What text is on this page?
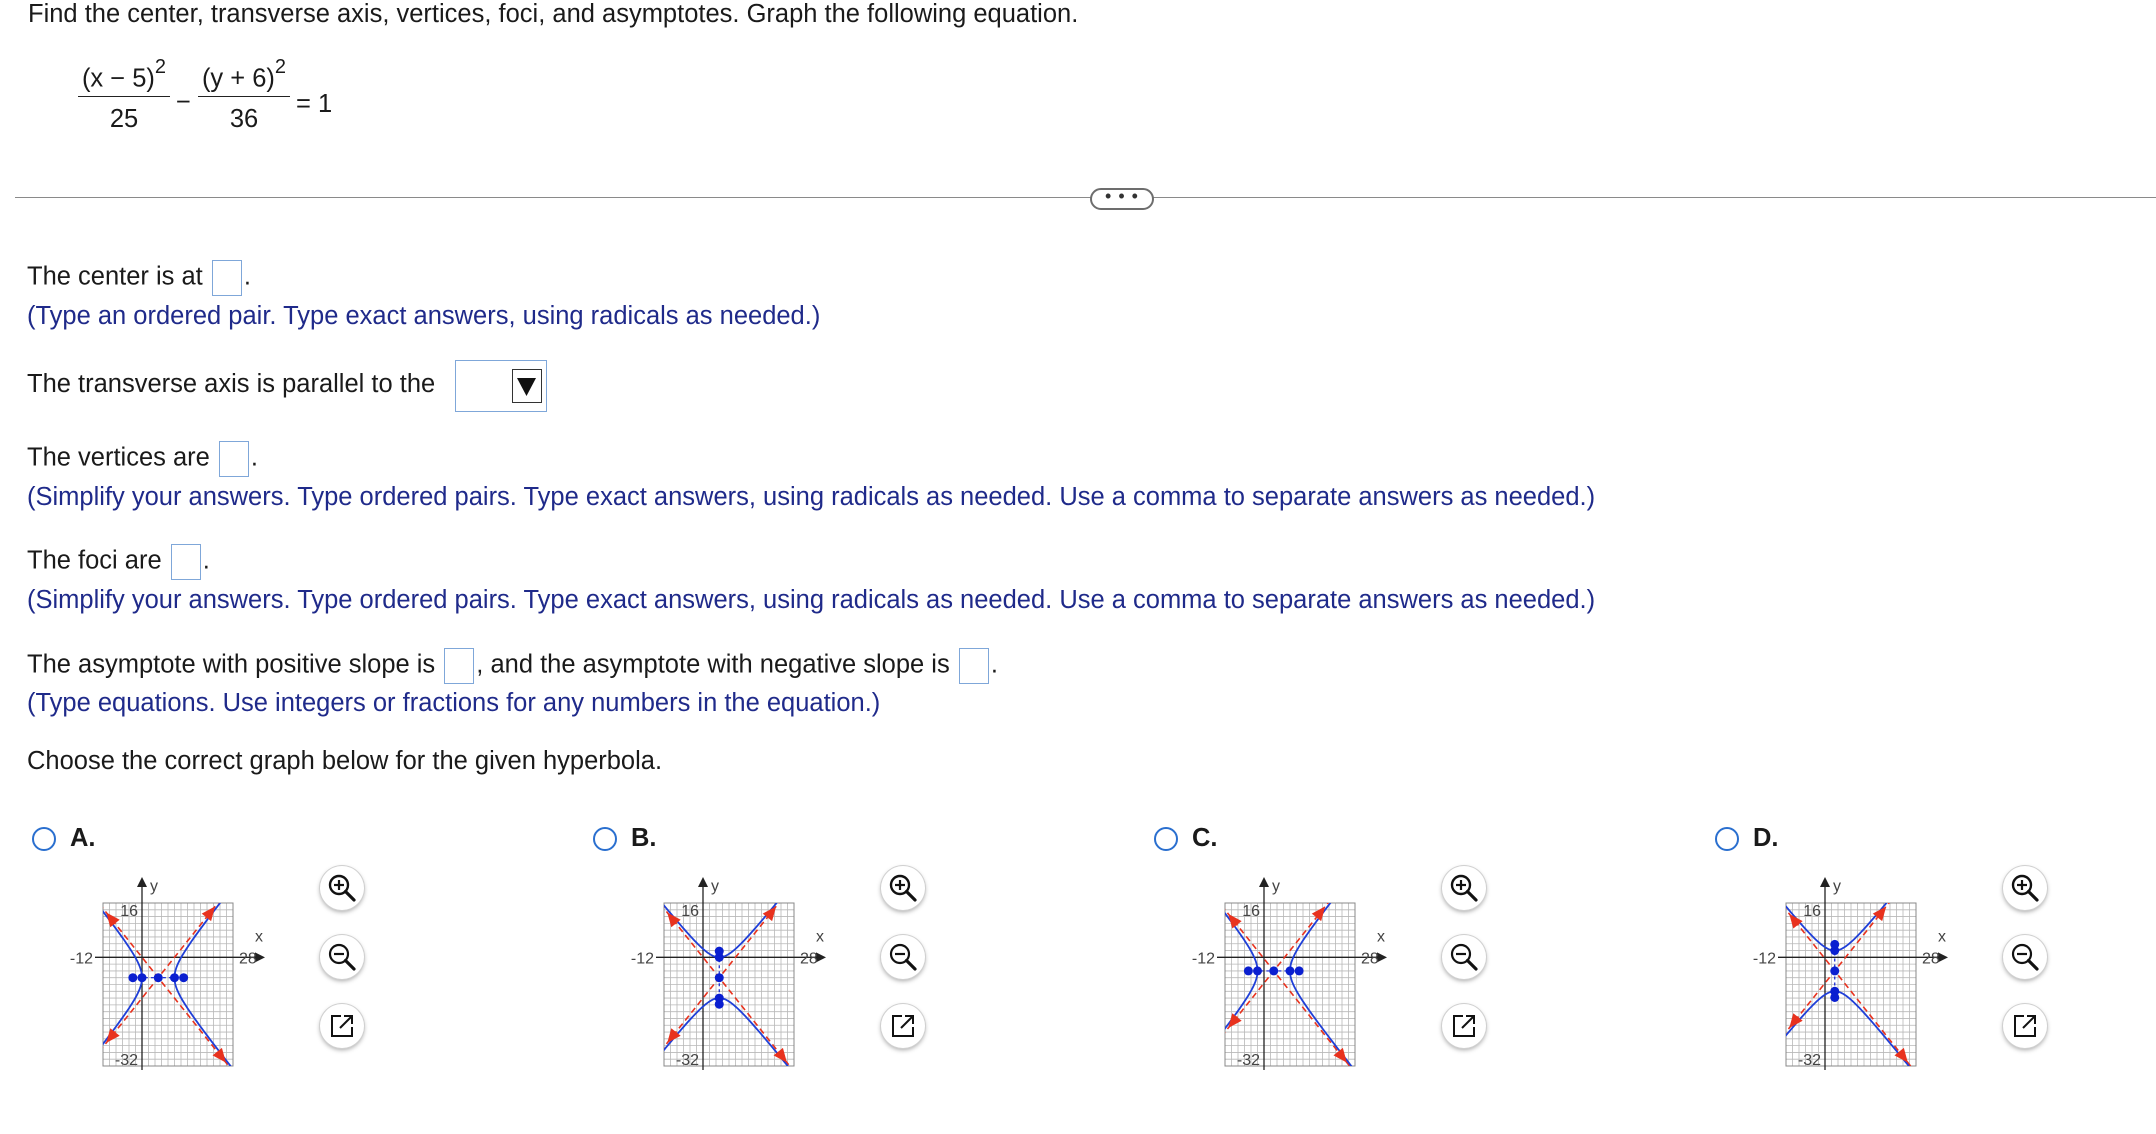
Find the center, transverse axis, vertices, foci, and asymptotes. Graph the following equation.
$(x - 5)^2$
25
−
$(y + 6)^2$
36
= 1
• • •
The center is at .
(Type an ordered pair. Type exact answers, using radicals as needed.)
The transverse axis is parallel to the
The vertices are .
(Simplify your answers. Type ordered pairs. Type exact answers, using radicals as needed. Use a comma to separate answers as needed.)
The foci are .
(Simplify your answers. Type ordered pairs. Type exact answers, using radicals as needed. Use a comma to separate answers as needed.)
The asymptote with positive slope is , and the asymptote with negative slope is .
(Type equations. Use integers or fractions for any numbers in the equation.)
Choose the correct graph below for the given hyperbola.
A.
y
x
16
-32
-12	28
B.
y
x
16
-32
-12	28
C.
y
x
16
-32
-12	28
D.
y
x
16
-32
-12	28
